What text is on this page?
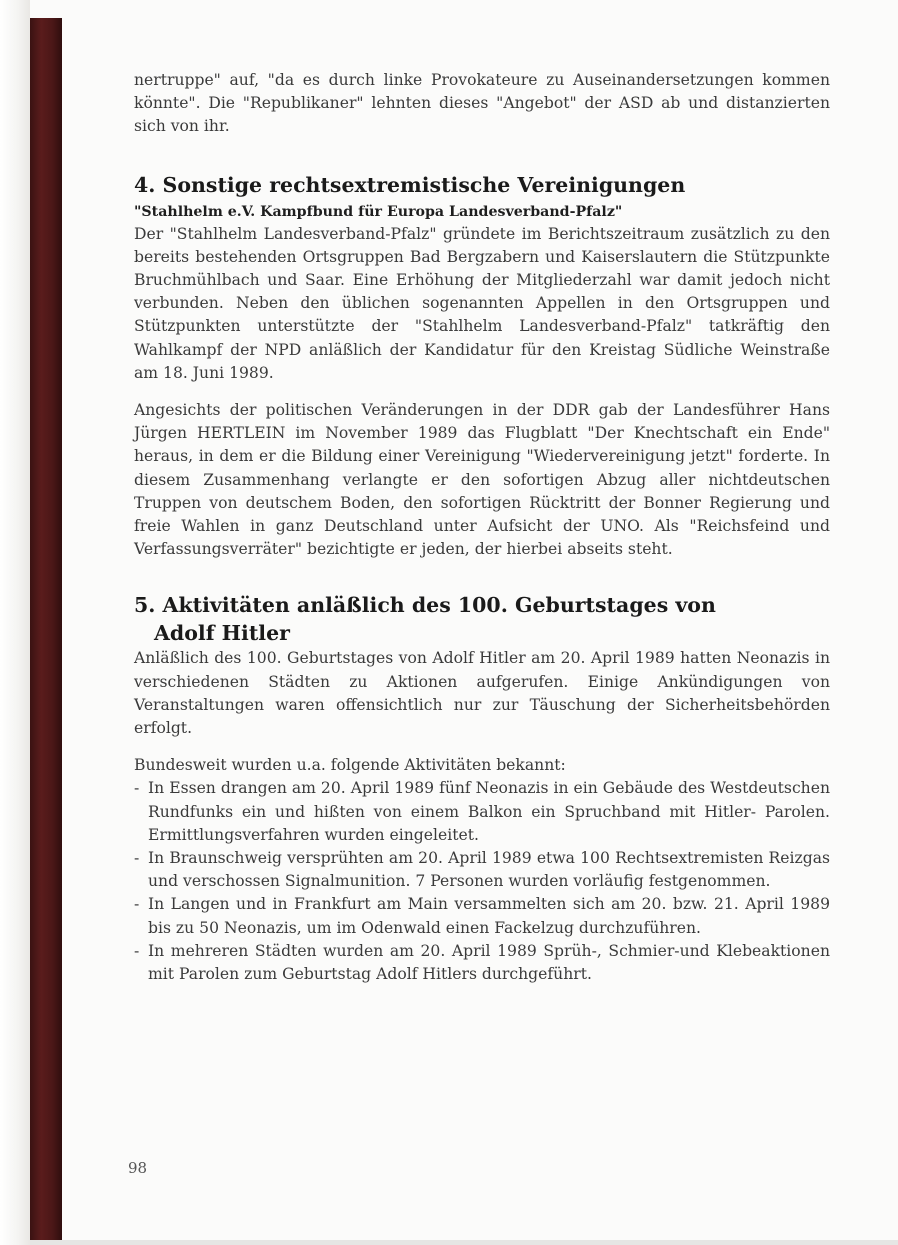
nertruppe" auf, "da es durch linke Provokateure zu Auseinandersetzungen kommen könnte". Die "Republikaner" lehnten dieses "Angebot" der ASD ab und distanzierten sich von ihr.

4. Sonstige rechtsextremistische Vereinigungen
"Stahlhelm e.V. Kampfbund für Europa Landesverband-Pfalz"

Der "Stahlhelm Landesverband-Pfalz" gründete im Berichtszeitraum zusätzlich zu den bereits bestehenden Ortsgruppen Bad Bergzabern und Kaiserslautern die Stützpunkte Bruchmühlbach und Saar. Eine Erhöhung der Mitgliederzahl war damit jedoch nicht verbunden. Neben den üblichen sogenannten Appellen in den Ortsgruppen und Stützpunkten unterstützte der "Stahlhelm Landesverband-Pfalz" tatkräftig den Wahlkampf der NPD anläßlich der Kandidatur für den Kreistag Südliche Weinstraße am 18. Juni 1989.

Angesichts der politischen Veränderungen in der DDR gab der Landesführer Hans Jürgen HERTLEIN im November 1989 das Flugblatt "Der Knechtschaft ein Ende" heraus, in dem er die Bildung einer Vereinigung "Wiedervereinigung jetzt" forderte. In diesem Zusammenhang verlangte er den sofortigen Abzug aller nichtdeutschen Truppen von deutschem Boden, den sofortigen Rücktritt der Bonner Regierung und freie Wahlen in ganz Deutschland unter Aufsicht der UNO. Als "Reichsfeind und Verfassungsverräter" bezichtigte er jeden, der hierbei abseits steht.

5. Aktivitäten anläßlich des 100. Geburtstages von
Adolf Hitler

Anläßlich des 100. Geburtstages von Adolf Hitler am 20. April 1989 hatten Neonazis in verschiedenen Städten zu Aktionen aufgerufen. Einige Ankündigungen von Veranstaltungen waren offensichtlich nur zur Täuschung der Sicherheitsbehörden erfolgt.

Bundesweit wurden u.a. folgende Aktivitäten bekannt:

- In Essen drangen am 20. April 1989 fünf Neonazis in ein Gebäude des Westdeutschen Rundfunks ein und hißten von einem Balkon ein Spruchband mit Hitler- Parolen. Ermittlungsverfahren wurden eingeleitet.
- In Braunschweig versprühten am 20. April 1989 etwa 100 Rechtsextremisten Reizgas und verschossen Signalmunition. 7 Personen wurden vorläufig festgenommen.
- In Langen und in Frankfurt am Main versammelten sich am 20. bzw. 21. April 1989 bis zu 50 Neonazis, um im Odenwald einen Fackelzug durchzuführen.
- In mehreren Städten wurden am 20. April 1989 Sprüh-, Schmier-und Klebeaktionen mit Parolen zum Geburtstag Adolf Hitlers durchgeführt.
98
